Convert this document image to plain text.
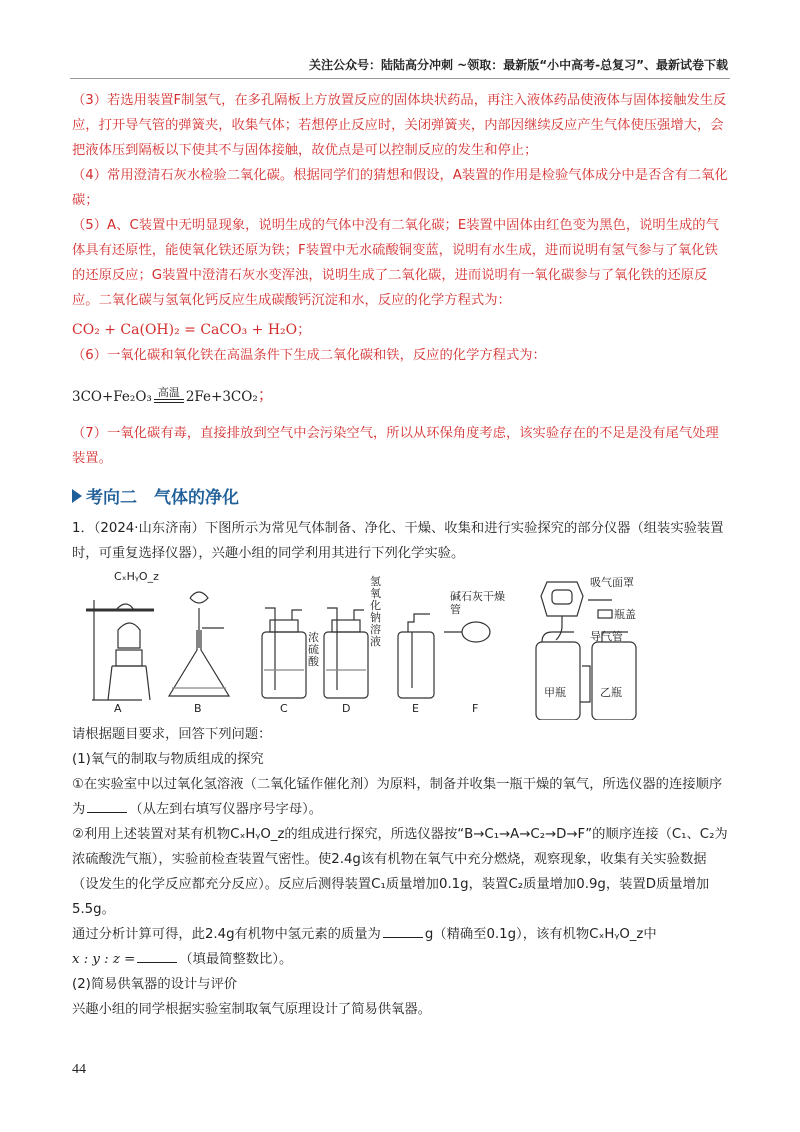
关注公众号：陆陆高分冲刺 ~领取：最新版“小中高考-总复习”、最新试卷下载

（3）若选用装置F制氢气，在多孔隔板上方放置反应的固体块状药品，再注入液体药品使液体与固体接触发生反应，打开导气管的弹簧夹，收集气体；若想停止反应时，关闭弹簧夹，内部因继续反应产生气体使压强增大，会把液体压到隔板以下使其不与固体接触，故优点是可以控制反应的发生和停止；

（4）常用澄清石灰水检验二氧化碳。根据同学们的猜想和假设，A装置的作用是检验气体成分中是否含有二氧化碳；

（5）A、C装置中无明显现象，说明生成的气体中没有二氧化碳；E装置中固体由红色变为黑色，说明生成的气体具有还原性，能使氧化铁还原为铁；F装置中无水硫酸铜变蓝，说明有水生成，进而说明有氢气参与了氧化铁的还原反应；G装置中澄清石灰水变浑浊，说明生成了二氧化碳，进而说明有一氧化碳参与了氧化铁的还原反应。二氧化碳与氢氧化钙反应生成碳酸钙沉淀和水，反应的化学方程式为：

CO₂ + Ca(OH)₂ = CaCO₃ + H₂O；

（6）一氧化碳和氧化铁在高温条件下生成二氧化碳和铁，反应的化学方程式为：

3CO+Fe₂O₃ 高温 2Fe+3CO₂ ；

（7）一氧化碳有毒，直接排放到空气中会污染空气，所以从环保角度考虑，该实验存在的不足是没有尾气处理装置。

考向二　气体的净化

1．（2024·山东济南）下图所示为常见气体制备、净化、干燥、收集和进行实验探究的部分仪器（组装实验装置时，可重复选择仪器），兴趣小组的同学利用其进行下列化学实验。

A	B	C	D	E	F
CₓHᵧO_z
浓硫酸
氢氧化钠溶液
碱石灰干燥管
吸气面罩
瓶盖
导气管
甲瓶	乙瓶

请根据题目要求，回答下列问题：

(1)氧气的制取与物质组成的探究

①在实验室中以过氧化氢溶液（二氧化锰作催化剂）为原料，制备并收集一瓶干燥的氧气，所选仪器的连接顺序为	（从左到右填写仪器序号字母）。

②利用上述装置对某有机物CₓHᵧO_z的组成进行探究，所选仪器按“B→C₁→A→C₂→D→F”的顺序连接（C₁、C₂为浓硫酸洗气瓶），实验前检查装置气密性。使2.4g该有机物在氧气中充分燃烧，观察现象，收集有关实验数据（设发生的化学反应都充分反应）。反应后测得装置C₁质量增加0.1g，装置C₂质量增加0.9g，装置D质量增加5.5g。

通过分析计算可得，此2.4g有机物中氢元素的质量为	g（精确至0.1g），该有机物CₓHᵧO_z中

x : y : z =	（填最简整数比）。

(2)简易供氧器的设计与评价

兴趣小组的同学根据实验室制取氧气原理设计了简易供氧器。

44
